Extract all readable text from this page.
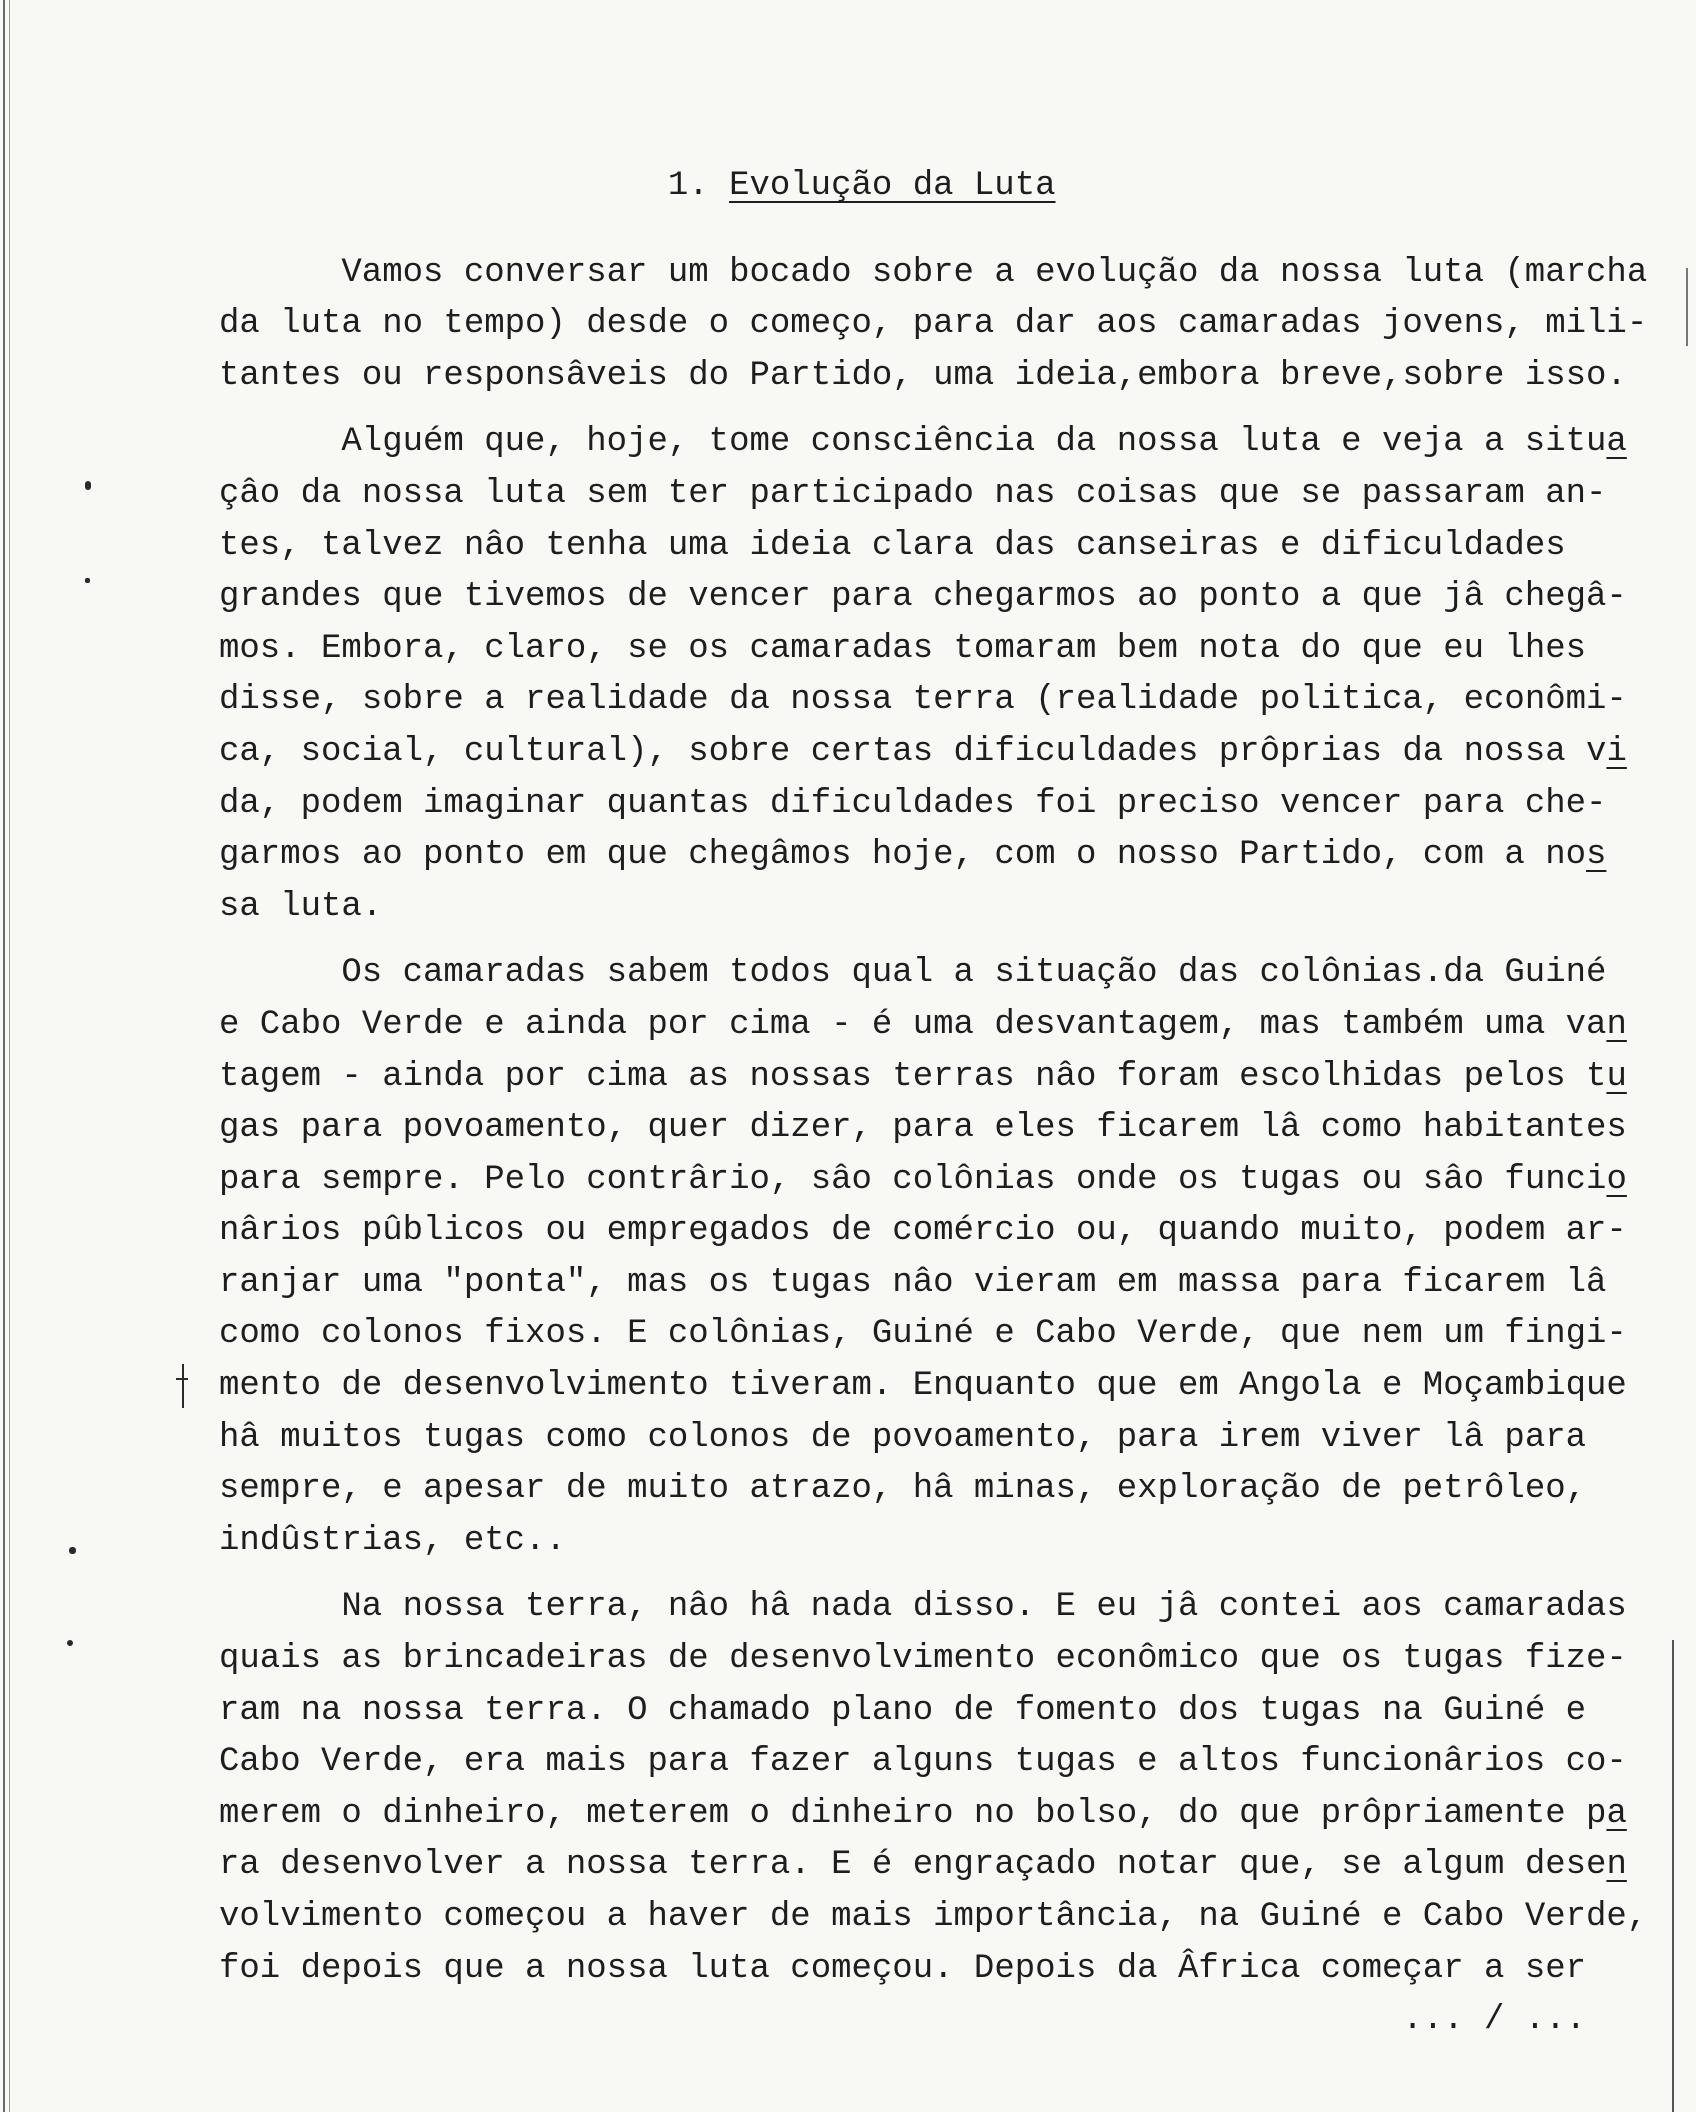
1. Evolução da Luta
Vamos conversar um bocado sobre a evolução da nossa luta (marcha
da luta no tempo) desde o começo, para dar aos camaradas jovens, mili-
tantes ou responsâveis do Partido, uma ideia,embora breve,sobre isso.
Alguém que, hoje, tome consciência da nossa luta e veja a situa
çâo da nossa luta sem ter participado nas coisas que se passaram an-
tes, talvez nâo tenha uma ideia clara das canseiras e dificuldades
grandes que tivemos de vencer para chegarmos ao ponto a que jâ chegâ-
mos. Embora, claro, se os camaradas tomaram bem nota do que eu lhes
disse, sobre a realidade da nossa terra (realidade politica, econômi-
ca, social, cultural), sobre certas dificuldades prôprias da nossa vi
da, podem imaginar quantas dificuldades foi preciso vencer para che-
garmos ao ponto em que chegâmos hoje, com o nosso Partido, com a nos
sa luta.
Os camaradas sabem todos qual a situação das colônias.da Guiné
e Cabo Verde e ainda por cima - é uma desvantagem, mas também uma van
tagem - ainda por cima as nossas terras nâo foram escolhidas pelos tu
gas para povoamento, quer dizer, para eles ficarem lâ como habitantes
para sempre. Pelo contrârio, sâo colônias onde os tugas ou sâo funcio
nârios pûblicos ou empregados de comércio ou, quando muito, podem ar-
ranjar uma "ponta", mas os tugas nâo vieram em massa para ficarem lâ
como colonos fixos. E colônias, Guiné e Cabo Verde, que nem um fingi-
mento de desenvolvimento tiveram. Enquanto que em Angola e Moçambique
hâ muitos tugas como colonos de povoamento, para irem viver lâ para
sempre, e apesar de muito atrazo, hâ minas, exploração de petrôleo,
indûstrias, etc..
Na nossa terra, nâo hâ nada disso. E eu jâ contei aos camaradas
quais as brincadeiras de desenvolvimento econômico que os tugas fize-
ram na nossa terra. O chamado plano de fomento dos tugas na Guiné e
Cabo Verde, era mais para fazer alguns tugas e altos funcionârios co-
merem o dinheiro, meterem o dinheiro no bolso, do que prôpriamente pa
ra desenvolver a nossa terra. E é engraçado notar que, se algum desen
volvimento começou a haver de mais importância, na Guiné e Cabo Verde,
foi depois que a nossa luta começou. Depois da Âfrica começar a ser
... / ...
